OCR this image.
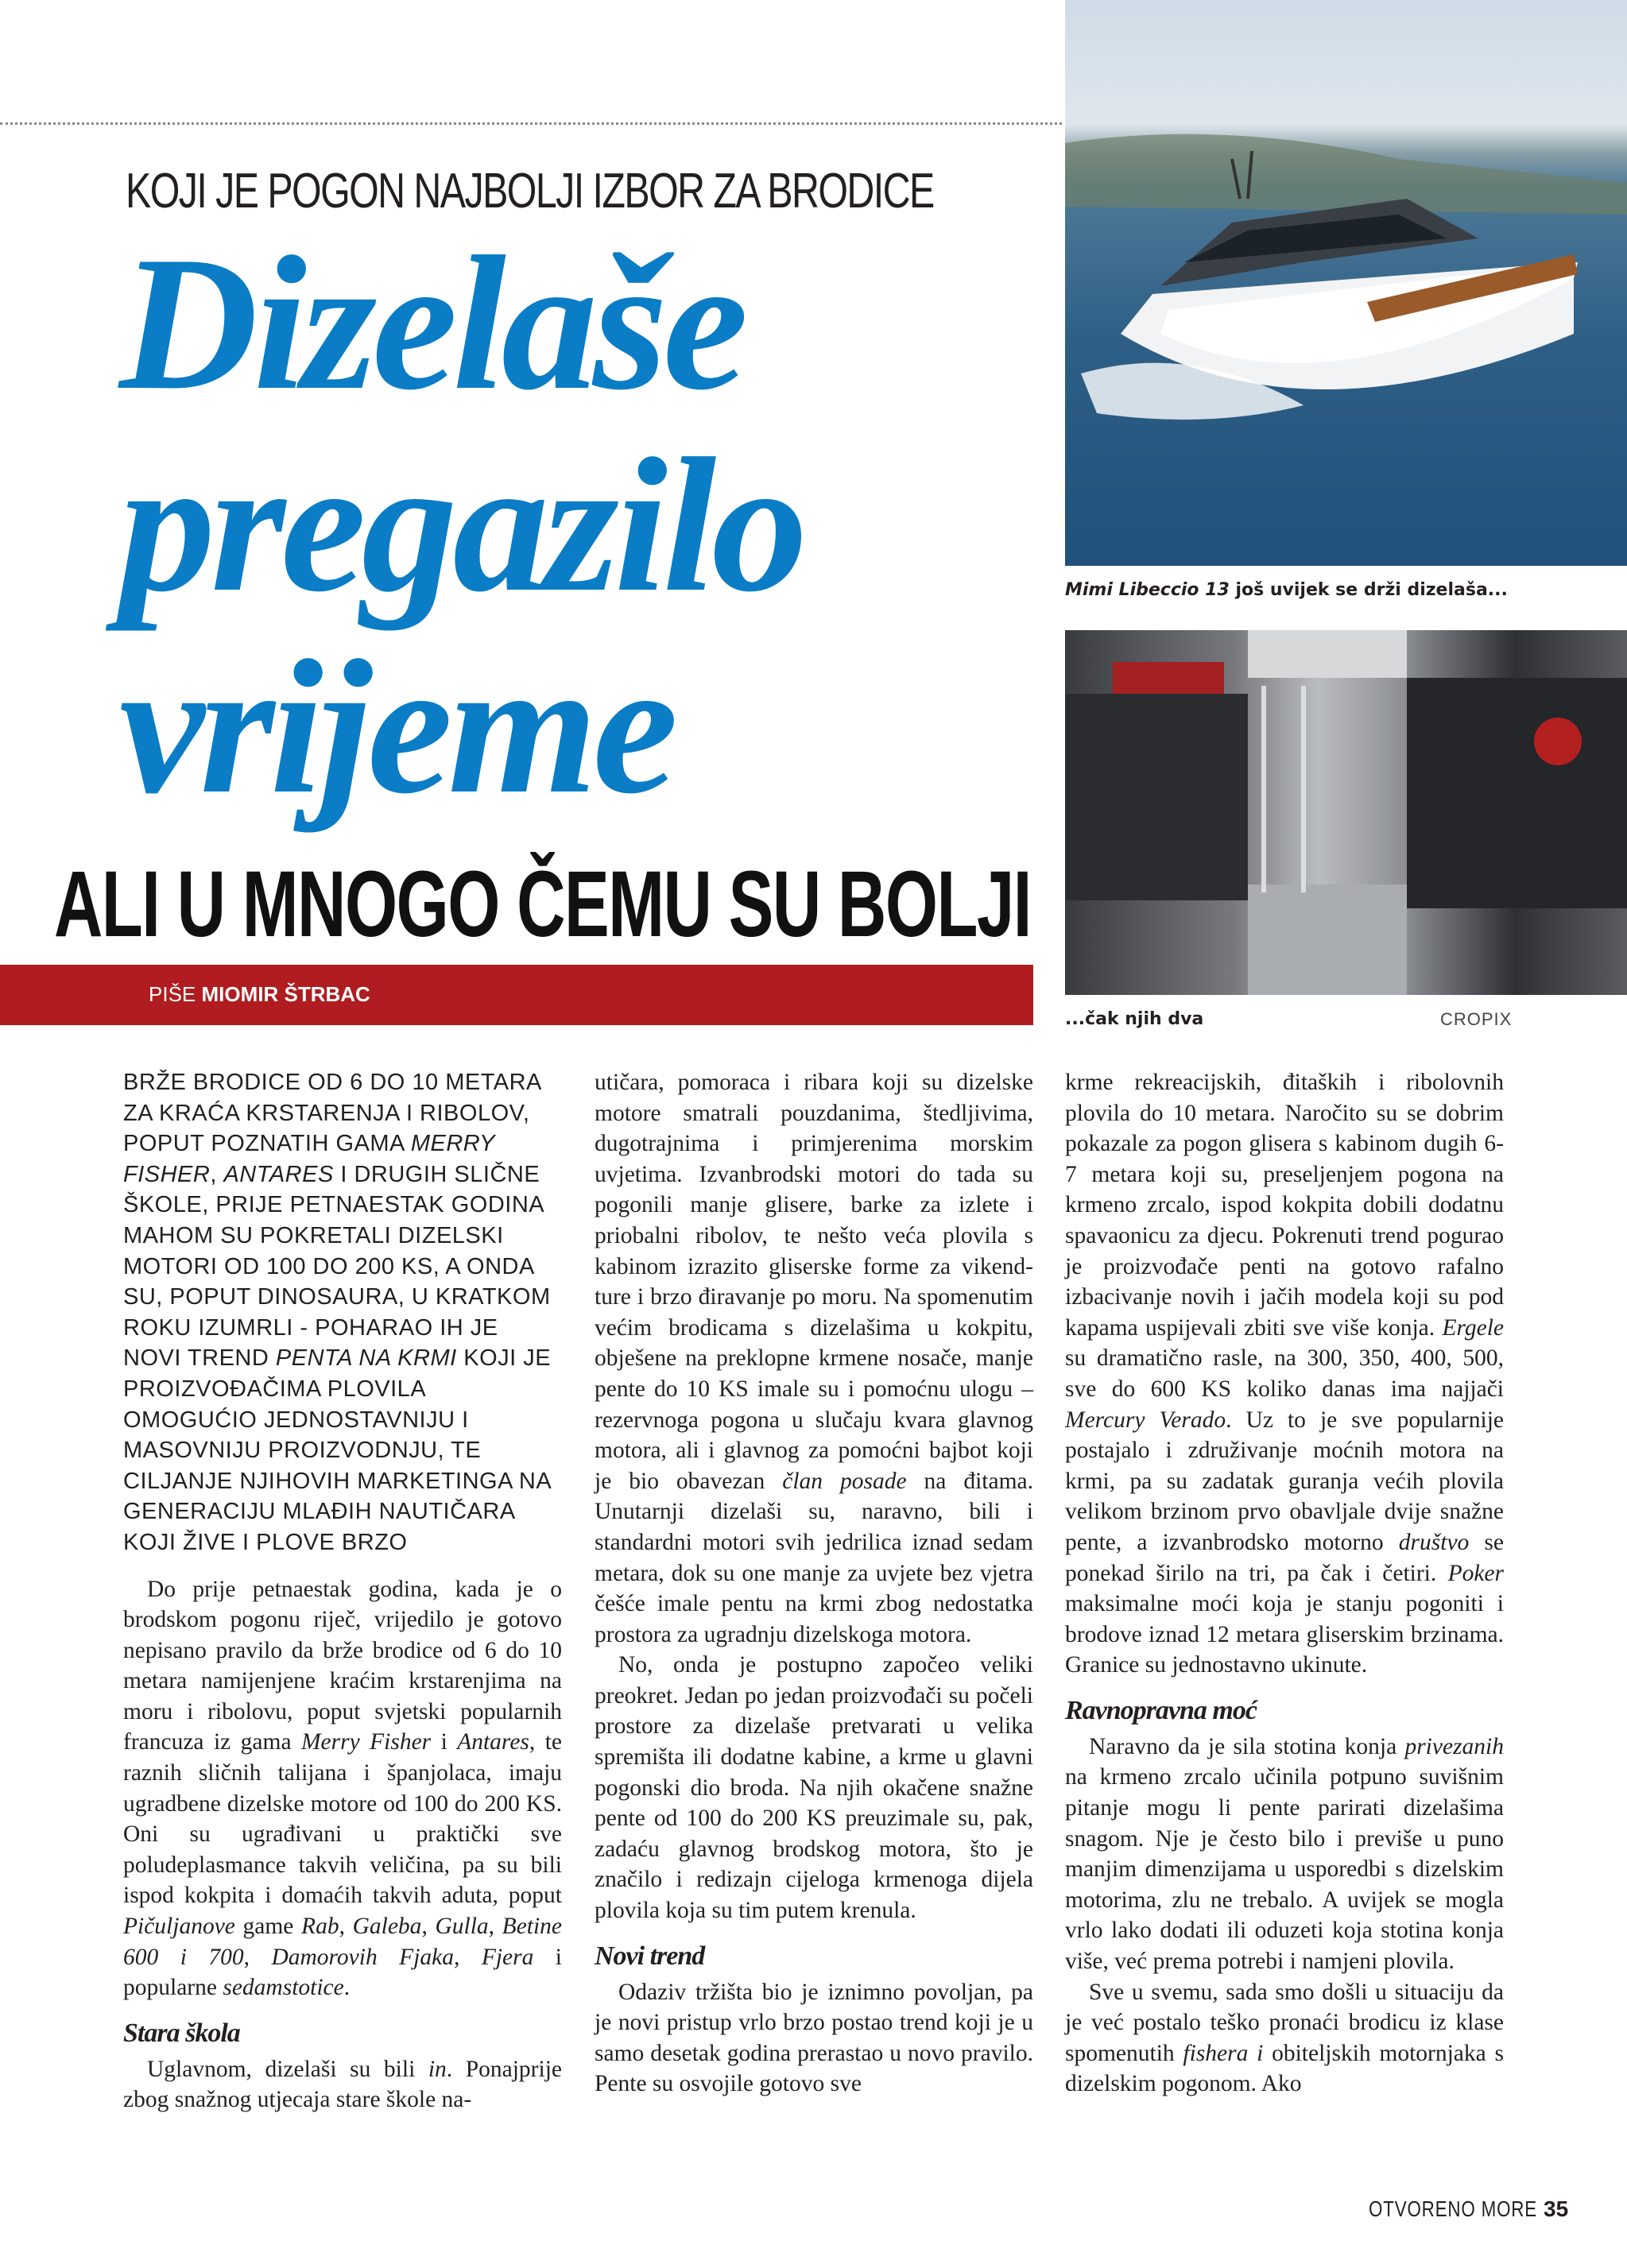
KOJI JE POGON NAJBOLJI IZBOR ZA BRODICE
Dizelaše
pregazilo
vrijeme
ALI U MNOGO ČEMU SU BOLJI
PIŠE MIOMIR ŠTRBAC
Mimi Libeccio 13 još uvijek se drži dizelaša...
...čak njih dva	CROPIX

BRŽE BRODICE OD 6 DO 10 METARA ZA KRAĆA KRSTARENJA I RIBOLOV, POPUT POZNATIH GAMA MERRY FISHER, ANTARES I DRUGIH SLIČNE ŠKOLE, PRIJE PETNAESTAK GODINA MAHOM SU POKRETALI DIZELSKI MOTORI OD 100 DO 200 KS, A ONDA SU, POPUT DINOSAURA, U KRATKOM ROKU IZUMRLI - POHARAO IH JE NOVI TREND PENTA NA KRMI KOJI JE PROIZVOĐAČIMA PLOVILA OMOGUĆIO JEDNOSTAVNIJU I MASOVNIJU PROIZVODNJU, TE CILJANJE NJIHOVIH MARKETINGA NA GENERACIJU MLAĐIH NAUTIČARA KOJI ŽIVE I PLOVE BRZO

Do prije petnaestak godina, kada je o brodskom pogonu riječ, vrijedilo je gotovo nepisano pravilo da brže brodice od 6 do 10 metara namijenjene kraćim krstarenjima na moru i ribolovu, poput svjetski popularnih francuza iz gama Merry Fisher i Antares, te raznih sličnih talijana i španjolaca, imaju ugradbene dizelske motore od 100 do 200 KS. Oni su ugrađivani u praktički sve poludeplasmance takvih veličina, pa su bili ispod kokpita i domaćih takvih aduta, poput Pičuljanove game Rab, Galeba, Gulla, Betine 600 i 700, Damorovih Fjaka, Fjera i popularne sedamstotice.

Stara škola

Uglavnom, dizelaši su bili in. Ponajprije zbog snažnog utjecaja stare škole na-

utičara, pomoraca i ribara koji su dizelske motore smatrali pouzdanima, štedljivima, dugotrajnima i primjerenima morskim uvjetima. Izvanbrodski motori do tada su pogonili manje glisere, barke za izlete i priobalni ribolov, te nešto veća plovila s kabinom izrazito gliserske forme za vikend-ture i brzo điravanje po moru. Na spomenutim većim brodicama s dizelašima u kokpitu, obješene na preklopne krmene nosače, manje pente do 10 KS imale su i pomoćnu ulogu – rezervnoga pogona u slučaju kvara glavnog motora, ali i glavnog za pomoćni bajbot koji je bio obavezan član posade na đitama. Unutarnji dizelaši su, naravno, bili i standardni motori svih jedrilica iznad sedam metara, dok su one manje za uvjete bez vjetra češće imale pentu na krmi zbog nedostatka prostora za ugradnju dizelskoga motora.

No, onda je postupno započeo veliki preokret. Jedan po jedan proizvođači su počeli prostore za dizelaše pretvarati u velika spremišta ili dodatne kabine, a krme u glavni pogonski dio broda. Na njih okačene snažne pente od 100 do 200 KS preuzimale su, pak, zadaću glavnog brodskog motora, što je značilo i redizajn cijeloga krmenoga dijela plovila koja su tim putem krenula.

Novi trend

Odaziv tržišta bio je iznimno povoljan, pa je novi pristup vrlo brzo postao trend koji je u samo desetak godina prerastao u novo pravilo. Pente su osvojile gotovo sve

krme rekreacijskih, đitaških i ribolovnih plovila do 10 metara. Naročito su se dobrim pokazale za pogon glisera s kabinom dugih 6-7 metara koji su, preseljenjem pogona na krmeno zrcalo, ispod kokpita dobili dodatnu spavaonicu za djecu. Pokrenuti trend pogurao je proizvođače penti na gotovo rafalno izbacivanje novih i jačih modela koji su pod kapama uspijevali zbiti sve više konja. Ergele su dramatično rasle, na 300, 350, 400, 500, sve do 600 KS koliko danas ima najjači Mercury Verado. Uz to je sve popularnije postajalo i združivanje moćnih motora na krmi, pa su zadatak guranja većih plovila velikom brzinom prvo obavljale dvije snažne pente, a izvanbrodsko motorno društvo se ponekad širilo na tri, pa čak i četiri. Poker maksimalne moći koja je stanju pogoniti i brodove iznad 12 metara gliserskim brzinama. Granice su jednostavno ukinute.

Ravnopravna moć

Naravno da je sila stotina konja privezanih na krmeno zrcalo učinila potpuno suvišnim pitanje mogu li pente parirati dizelašima snagom. Nje je često bilo i previše u puno manjim dimenzijama u usporedbi s dizelskim motorima, zlu ne trebalo. A uvijek se mogla vrlo lako dodati ili oduzeti koja stotina konja više, već prema potrebi i namjeni plovila.

Sve u svemu, sada smo došli u situaciju da je već postalo teško pronaći brodicu iz klase spomenutih fishera i obiteljskih motornjaka s dizelskim pogonom. Ako

OTVORENO MORE 35
